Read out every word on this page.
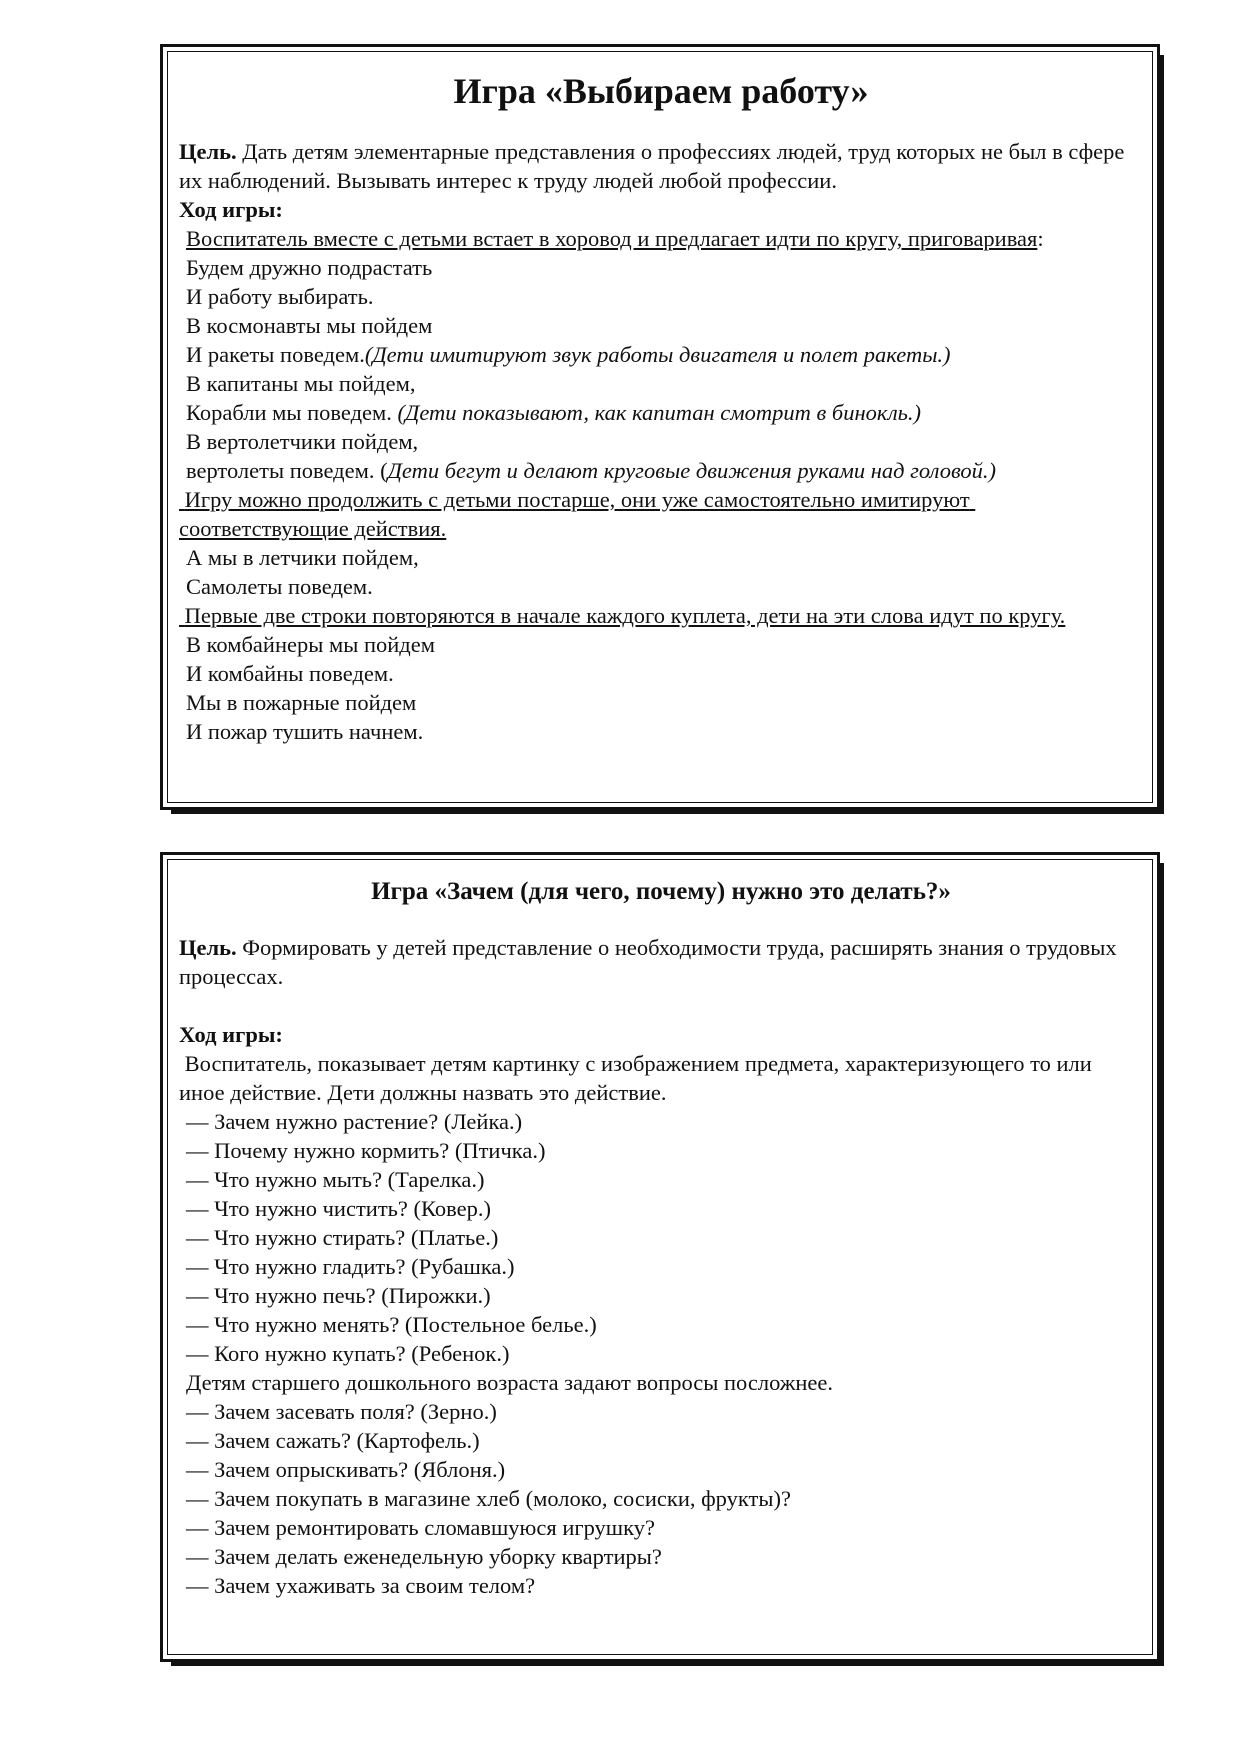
Игра «Выбираем работу»
Цель. Дать детям элементарные представления о профессиях людей, труд которых не был в сфере их наблюдений. Вызывать интерес к труду людей любой профессии.
Ход игры:
Воспитатель вместе с детьми встает в хоровод и предлагает идти по кругу, приговаривая:
Будем дружно подрастать
И работу выбирать.
В космонавты мы пойдем
И ракеты поведем.(Дети имитируют звук работы двигателя и полет ракеты.)
В капитаны мы пойдем,
Корабли мы поведем. (Дети показывают, как капитан смотрит в бинокль.)
В вертолетчики пойдем,
вертолеты поведем. (Дети бегут и делают круговые движения руками над головой.)
Игру можно продолжить с детьми постарше, они уже самостоятельно имитируют соответствующие действия.
А мы в летчики пойдем,
Самолеты поведем.
Первые две строки повторяются в начале каждого куплета, дети на эти слова идут по кругу.
В комбайнеры мы пойдем
И комбайны поведем.
Мы в пожарные пойдем
И пожар тушить начнем.
Игра «Зачем (для чего, почему) нужно это делать?»
Цель. Формировать у детей представление о необходимости труда, расширять знания о трудовых процессах.
Ход игры:
Воспитатель, показывает детям картинку с изображением предмета, характеризующего то или иное действие. Дети должны назвать это действие.
— Зачем нужно растение? (Лейка.)
— Почему нужно кормить? (Птичка.)
— Что нужно мыть? (Тарелка.)
— Что нужно чистить? (Ковер.)
— Что нужно стирать? (Платье.)
— Что нужно гладить? (Рубашка.)
— Что нужно печь? (Пирожки.)
— Что нужно менять? (Постельное белье.)
— Кого нужно купать? (Ребенок.)
Детям старшего дошкольного возраста задают вопросы посложнее.
— Зачем засевать поля? (Зерно.)
— Зачем сажать? (Картофель.)
— Зачем опрыскивать? (Яблоня.)
— Зачем покупать в магазине хлеб (молоко, сосиски, фрукты)?
— Зачем ремонтировать сломавшуюся игрушку?
— Зачем делать еженедельную уборку квартиры?
— Зачем ухаживать за своим телом?
